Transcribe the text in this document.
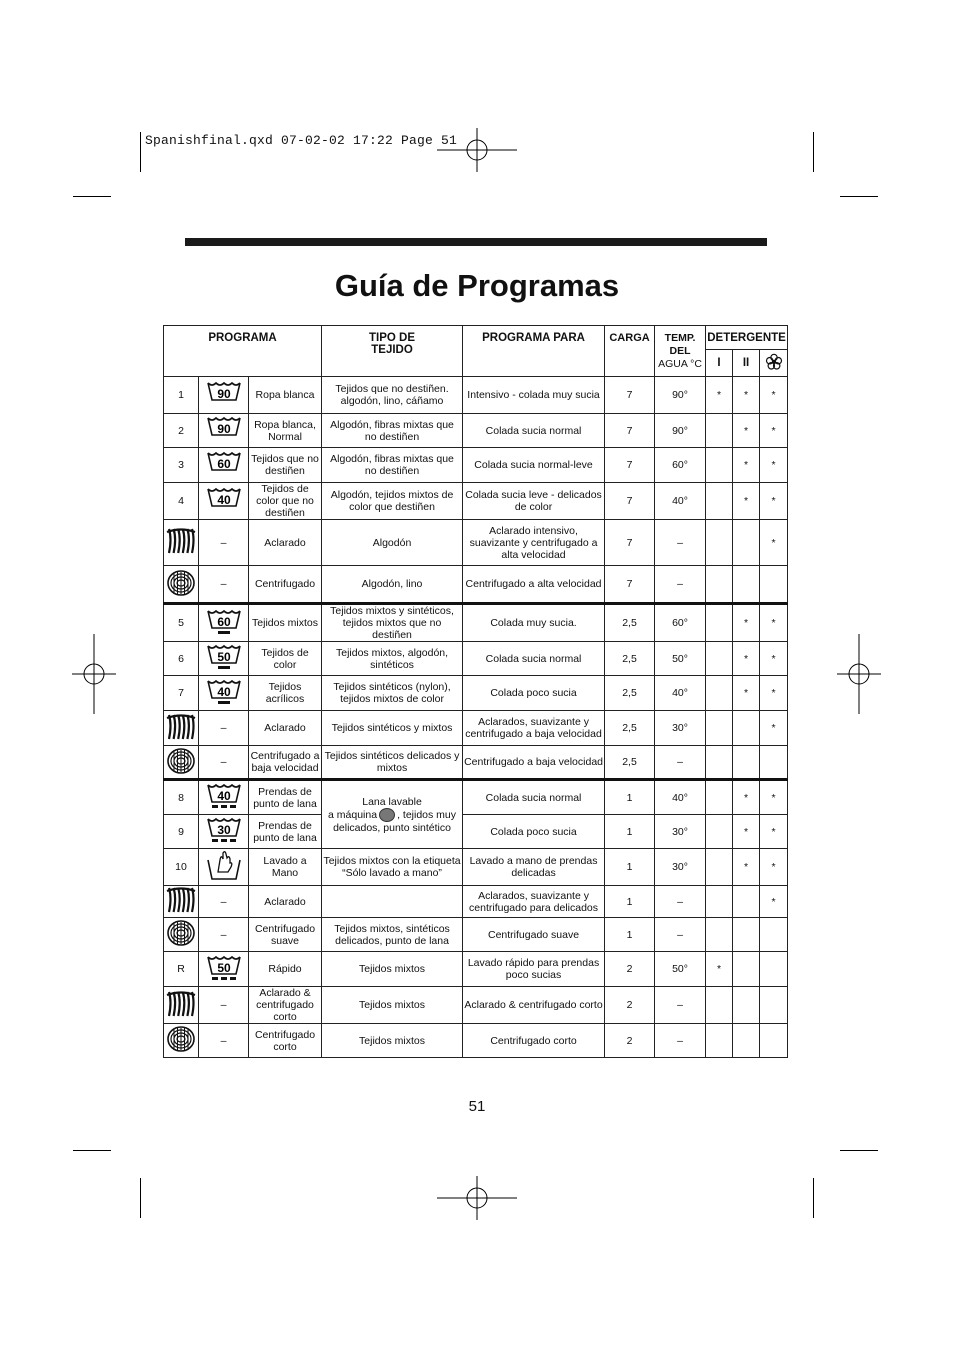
Spanishfinal.qxd 07-02-02 17:22 Page 51
Guía de Programas
PROGRAMA			TIPO DE
TEJIDO	PROGRAMA PARA	CARGA	TEMP.
DEL
AGUA °C	DETERGENTE		
							I	II	
1	90	Ropa blanca	Tejidos que no destiñen. algodón, lino, cáñamo	Intensivo - colada muy sucia	7	90°	*	*	*
2	90	Ropa blanca, Normal	Algodón, fibras mixtas que no destiñen	Colada sucia normal	7	90°		*	*
3	60	Tejidos que no destiñen	Algodón, fibras mixtas que no destiñen	Colada sucia normal-leve	7	60°		*	*
4	40	Tejidos de color que no destiñen	Algodón, tejidos mixtos de color que destiñen	Colada sucia leve - delicados de color	7	40°		*	*
	–	Aclarado	Algodón	Aclarado intensivo, suavizante y centrifugado a alta velocidad	7	–			*
	–	Centrifugado	Algodón, lino	Centrifugado a alta velocidad	7	–			
5	60	Tejidos mixtos	Tejidos mixtos y sintéticos, tejidos mixtos que no destiñen	Colada muy sucia.	2,5	60°		*	*
6	50	Tejidos de color	Tejidos mixtos, algodón, sintéticos	Colada sucia normal	2,5	50°		*	*
7	40	Tejidos acrílicos	Tejidos sintéticos (nylon), tejidos mixtos de color	Colada poco sucia	2,5	40°		*	*
	–	Aclarado	Tejidos sintéticos y mixtos	Aclarados, suavizante y centrifugado a baja velocidad	2,5	30°			*
	–	Centrifugado a baja velocidad	Tejidos sintéticos delicados y mixtos	Centrifugado a baja velocidad	2,5	–			
8	40	Prendas de punto de lana	Lana lavable
a máquina , tejidos muy delicados, punto sintético	Colada sucia normal	1	40°		*	*
9	30	Prendas de punto de lana		Colada poco sucia	1	30°		*	*
10		Lavado a Mano	Tejidos mixtos con la etiqueta “Sólo lavado a mano”	Lavado a mano de prendas delicadas	1	30°		*	*
	–	Aclarado		Aclarados, suavizante y centrifugado para delicados	1	–			*
	–	Centrifugado suave	Tejidos mixtos, sintéticos delicados, punto de lana	Centrifugado suave	1	–			
R	50	Rápido	Tejidos mixtos	Lavado rápido para prendas poco sucias	2	50°	*		
	–	Aclarado & centrifugado corto	Tejidos mixtos	Aclarado & centrifugado corto	2	–			
	–	Centrifugado corto	Tejidos mixtos	Centrifugado corto	2	–			
51
